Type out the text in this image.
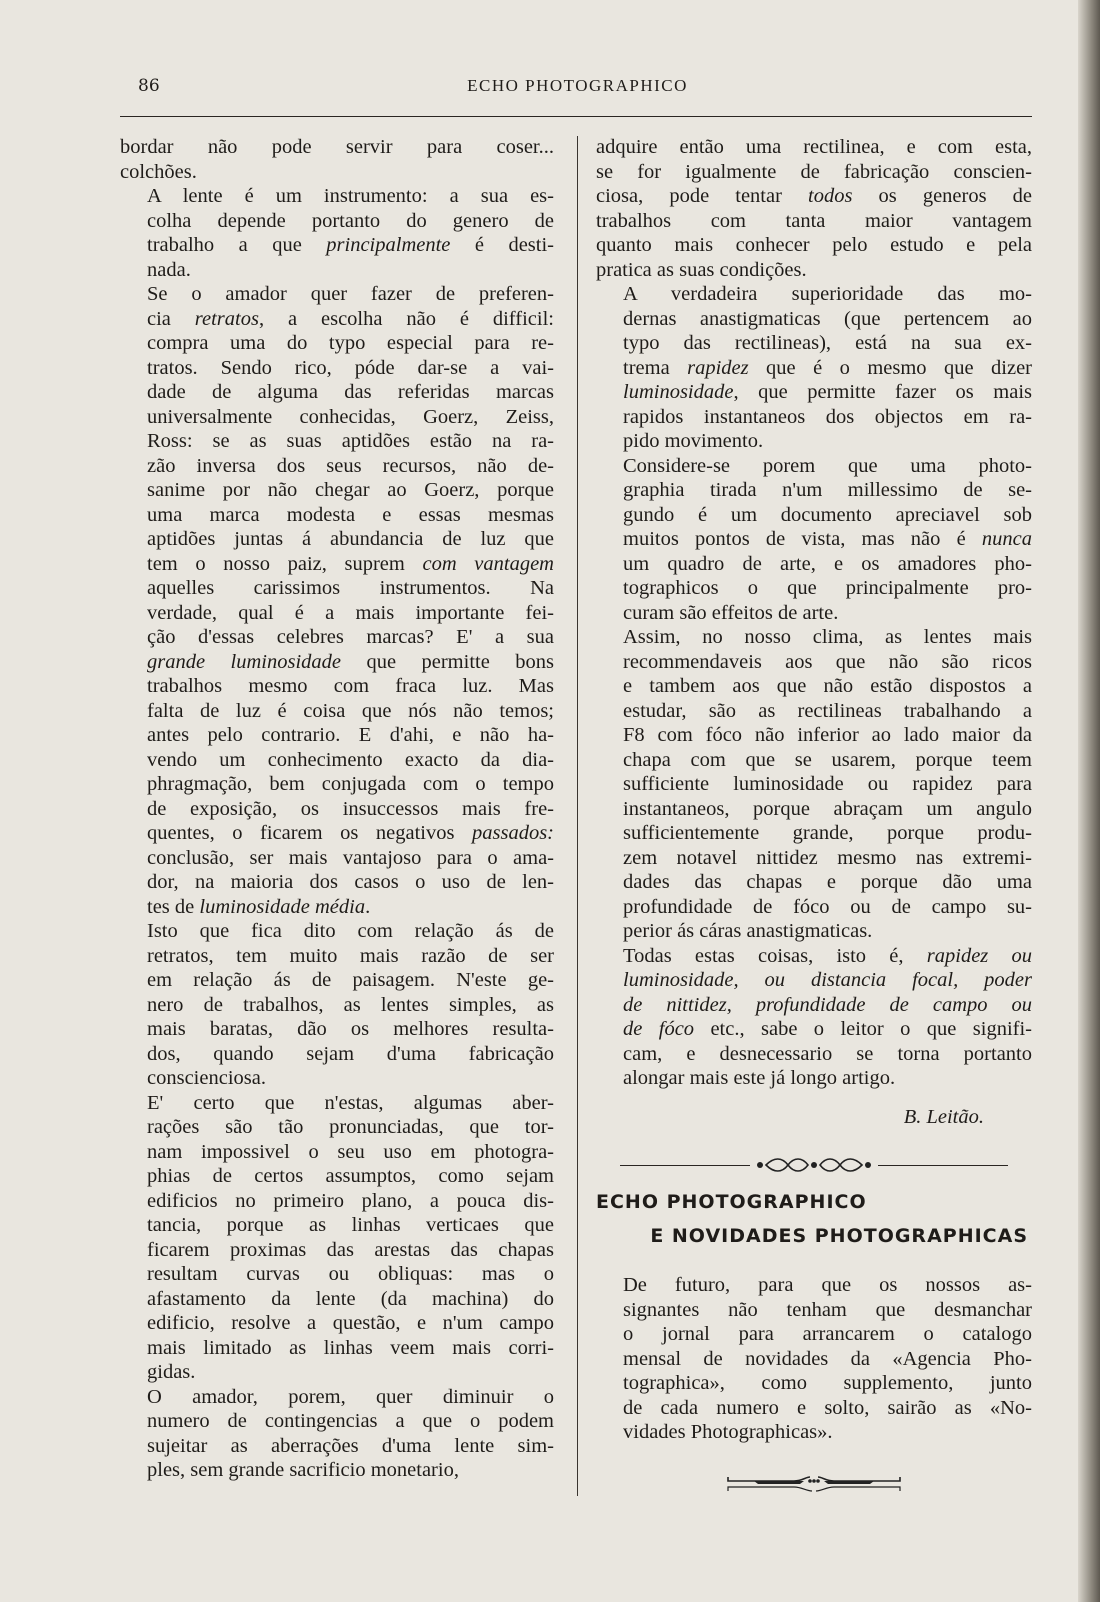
86	ECHO PHOTOGRAPHICO

bordar não pode servir para coser...
colchões.

A lente é um instrumento: a sua es-
colha depende portanto do genero de
trabalho a que principalmente é desti-
nada.

Se o amador quer fazer de preferen-
cia retratos, a escolha não é difficil:
compra uma do typo especial para re-
tratos. Sendo rico, póde dar-se a vai-
dade de alguma das referidas marcas
universalmente conhecidas, Goerz, Zeiss,
Ross: se as suas aptidões estão na ra-
zão inversa dos seus recursos, não de-
sanime por não chegar ao Goerz, porque
uma marca modesta e essas mesmas
aptidões juntas á abundancia de luz que
tem o nosso paiz, suprem com vantagem
aquelles carissimos instrumentos. Na
verdade, qual é a mais importante fei-
ção d'essas celebres marcas? E' a sua
grande luminosidade que permitte bons
trabalhos mesmo com fraca luz. Mas
falta de luz é coisa que nós não temos;
antes pelo contrario. E d'ahi, e não ha-
vendo um conhecimento exacto da dia-
phragmação, bem conjugada com o tempo
de exposição, os insuccessos mais fre-
quentes, o ficarem os negativos passados:
conclusão, ser mais vantajoso para o ama-
dor, na maioria dos casos o uso de len-
tes de luminosidade média.

Isto que fica dito com relação ás de
retratos, tem muito mais razão de ser
em relação ás de paisagem. N'este ge-
nero de trabalhos, as lentes simples, as
mais baratas, dão os melhores resulta-
dos, quando sejam d'uma fabricação
conscienciosa.

E' certo que n'estas, algumas aber-
rações são tão pronunciadas, que tor-
nam impossivel o seu uso em photogra-
phias de certos assumptos, como sejam
edificios no primeiro plano, a pouca dis-
tancia, porque as linhas verticaes que
ficarem proximas das arestas das chapas
resultam curvas ou obliquas: mas o
afastamento da lente (da machina) do
edificio, resolve a questão, e n'um campo
mais limitado as linhas veem mais corri-
gidas.

O amador, porem, quer diminuir o
numero de contingencias a que o podem
sujeitar as aberrações d'uma lente sim-
ples, sem grande sacrificio monetario,

adquire então uma rectilinea, e com esta,
se for igualmente de fabricação conscien-
ciosa, pode tentar todos os generos de
trabalhos com tanta maior vantagem
quanto mais conhecer pelo estudo e pela
pratica as suas condições.

A verdadeira superioridade das mo-
dernas anastigmaticas (que pertencem ao
typo das rectilineas), está na sua ex-
trema rapidez que é o mesmo que dizer
luminosidade, que permitte fazer os mais
rapidos instantaneos dos objectos em ra-
pido movimento.

Considere-se porem que uma photo-
graphia tirada n'um millessimo de se-
gundo é um documento apreciavel sob
muitos pontos de vista, mas não é nunca
um quadro de arte, e os amadores pho-
tographicos o que principalmente pro-
curam são effeitos de arte.

Assim, no nosso clima, as lentes mais
recommendaveis aos que não são ricos
e tambem aos que não estão dispostos a
estudar, são as rectilineas trabalhando a
F8 com fóco não inferior ao lado maior da
chapa com que se usarem, porque teem
sufficiente luminosidade ou rapidez para
instantaneos, porque abraçam um angulo
sufficientemente grande, porque produ-
zem notavel nittidez mesmo nas extremi-
dades das chapas e porque dão uma
profundidade de fóco ou de campo su-
perior ás cáras anastigmaticas.

Todas estas coisas, isto é, rapidez ou
luminosidade, ou distancia focal, poder
de nittidez, profundidade de campo ou
de fóco etc., sabe o leitor o que signifi-
cam, e desnecessario se torna portanto
alongar mais este já longo artigo.

B. Leitão.
ECHO PHOTOGRAPHICO
E NOVIDADES PHOTOGRAPHICAS

De futuro, para que os nossos as-
signantes não tenham que desmanchar
o jornal para arrancarem o catalogo
mensal de novidades da «Agencia Pho-
tographica», como supplemento, junto
de cada numero e solto, sairão as «No-
vidades Photographicas».
